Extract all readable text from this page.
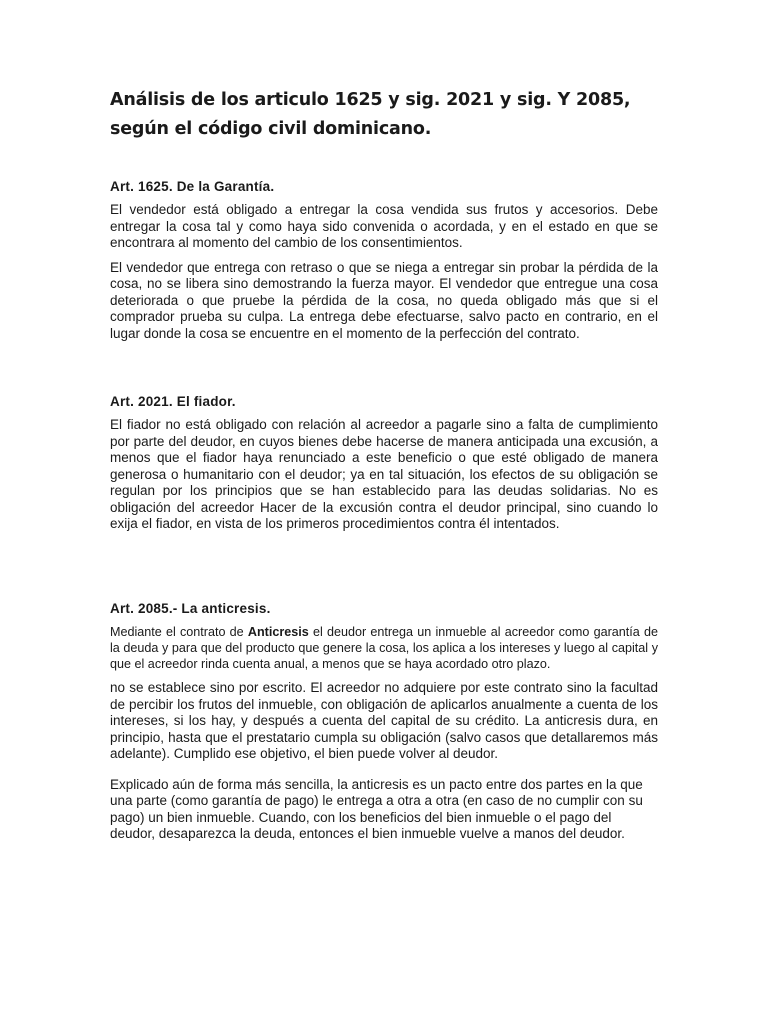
Análisis de los articulo 1625 y sig. 2021 y sig. Y 2085, según el código civil dominicano.
Art. 1625. De la Garantía.

El vendedor está obligado a entregar la cosa vendida sus frutos y accesorios. Debe entregar la cosa tal y como haya sido convenida o acordada, y en el estado en que se encontrara al momento del cambio de los consentimientos.

El vendedor que entrega con retraso o que se niega a entregar sin probar la pérdida de la cosa, no se libera sino demostrando la fuerza mayor. El vendedor que entregue una cosa deteriorada o que pruebe la pérdida de la cosa, no queda obligado más que si el comprador prueba su culpa. La entrega debe efectuarse, salvo pacto en contrario, en el lugar donde la cosa se encuentre en el momento de la perfección del contrato.

Art. 2021. El fiador.

El fiador no está obligado con relación al acreedor a pagarle sino a falta de cumplimiento por parte del deudor, en cuyos bienes debe hacerse de manera anticipada una excusión, a menos que el fiador haya renunciado a este beneficio o que esté obligado de manera generosa o humanitario con el deudor; ya en tal situación, los efectos de su obligación se regulan por los principios que se han establecido para las deudas solidarias. No es obligación del acreedor Hacer de la excusión contra el deudor principal, sino cuando lo exija el fiador, en vista de los primeros procedimientos contra él intentados.

Art. 2085.- La anticresis.

Mediante el contrato de Anticresis el deudor entrega un inmueble al acreedor como garantía de la deuda y para que del producto que genere la cosa, los aplica a los intereses y luego al capital y que el acreedor rinda cuenta anual, a menos que se haya acordado otro plazo.

no se establece sino por escrito. El acreedor no adquiere por este contrato sino la facultad de percibir los frutos del inmueble, con obligación de aplicarlos anualmente a cuenta de los intereses, si los hay, y después a cuenta del capital de su crédito. La anticresis dura, en principio, hasta que el prestatario cumpla su obligación (salvo casos que detallaremos más adelante). Cumplido ese objetivo, el bien puede volver al deudor.

Explicado aún de forma más sencilla, la anticresis es un pacto entre dos partes en la que una parte (como garantía de pago) le entrega a otra a otra (en caso de no cumplir con su pago) un bien inmueble. Cuando, con los beneficios del bien inmueble o el pago del deudor, desaparezca la deuda, entonces el bien inmueble vuelve a manos del deudor.
